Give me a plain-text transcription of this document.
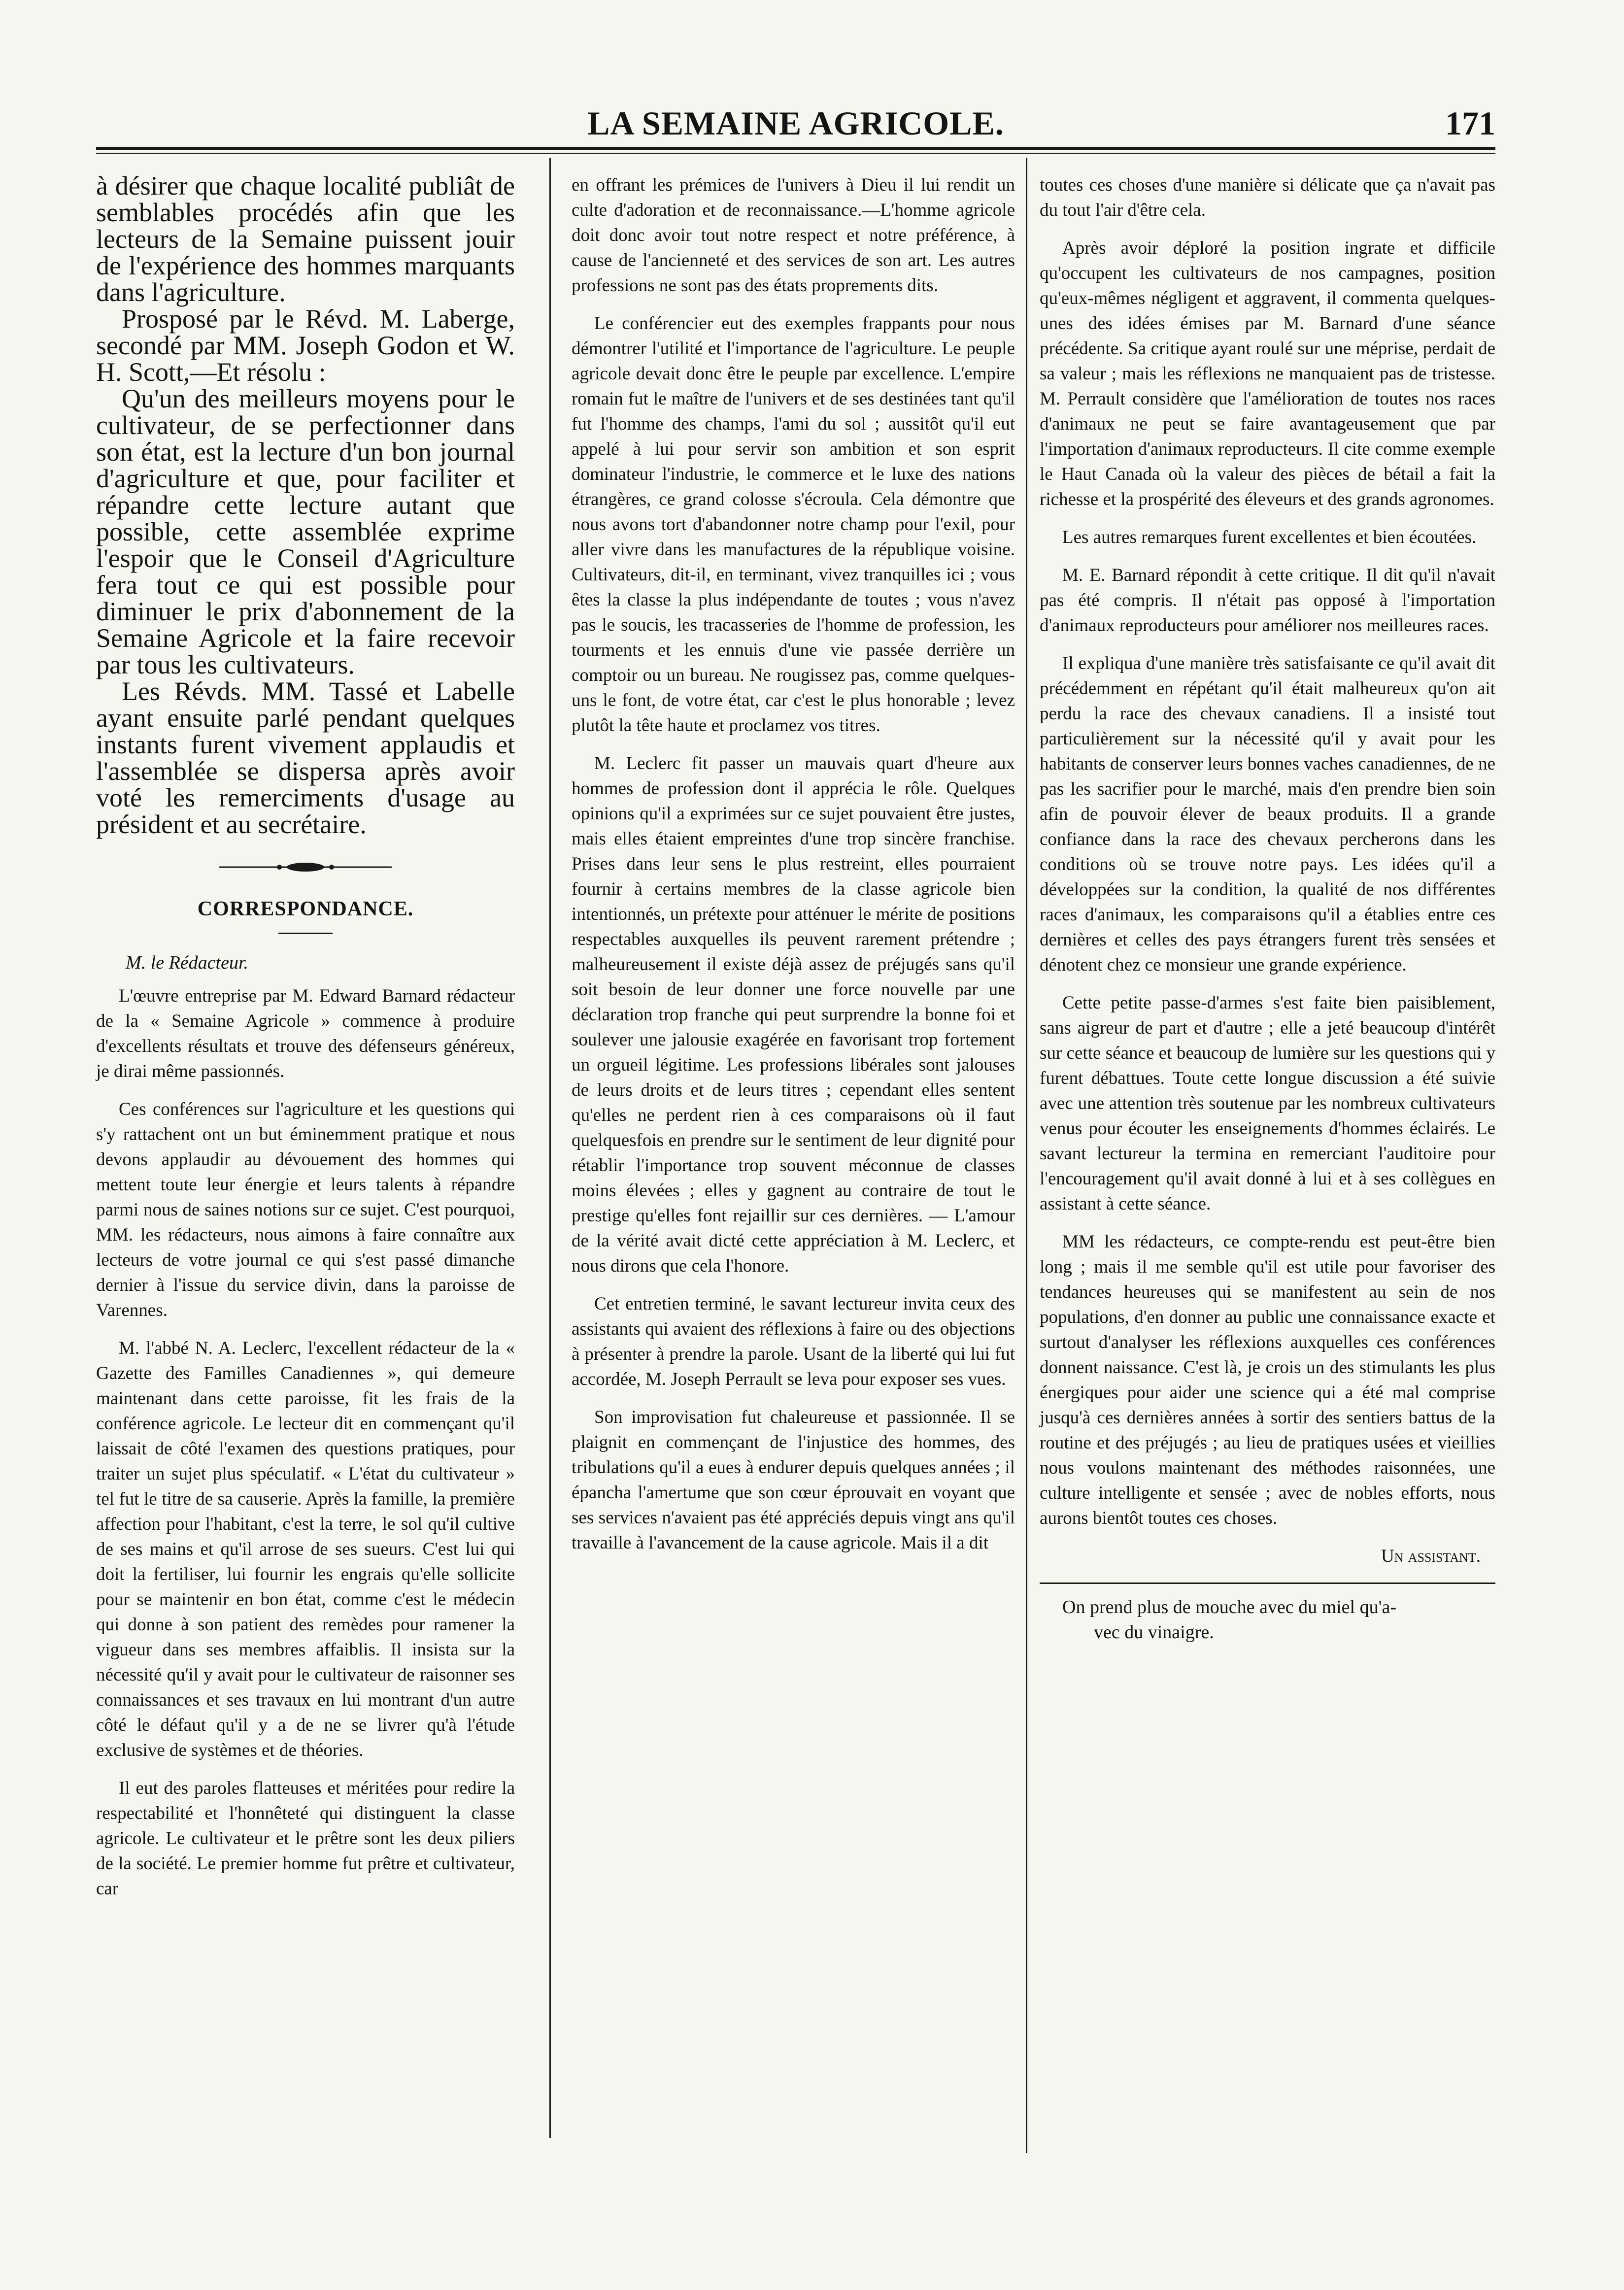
LA SEMAINE AGRICOLE.	171

à désirer que chaque localité publiât de semblables procédés afin que les lecteurs de la Semaine puissent jouir de l'expérience des hommes marquants dans l'agriculture.

Prosposé par le Révd. M. Laberge, secondé par MM. Joseph Godon et W. H. Scott,—Et résolu :

Qu'un des meilleurs moyens pour le cultivateur, de se perfectionner dans son état, est la lecture d'un bon journal d'agriculture et que, pour faciliter et répandre cette lecture autant que possible, cette assemblée exprime l'espoir que le Conseil d'Agriculture fera tout ce qui est possible pour diminuer le prix d'abonnement de la Semaine Agricole et la faire recevoir par tous les cultivateurs.

Les Révds. MM. Tassé et Labelle ayant ensuite parlé pendant quelques instants furent vivement applaudis et l'assemblée se dispersa après avoir voté les remerciments d'usage au président et au secrétaire.

CORRESPONDANCE.
M. le Rédacteur.

L'œuvre entreprise par M. Edward Barnard rédacteur de la « Semaine Agricole » commence à produire d'excellents résultats et trouve des défenseurs généreux, je dirai même passionnés.

Ces conférences sur l'agriculture et les questions qui s'y rattachent ont un but éminemment pratique et nous devons applaudir au dévouement des hommes qui mettent toute leur énergie et leurs talents à répandre parmi nous de saines notions sur ce sujet. C'est pourquoi, MM. les rédacteurs, nous aimons à faire connaître aux lecteurs de votre journal ce qui s'est passé dimanche dernier à l'issue du service divin, dans la paroisse de Varennes.

M. l'abbé N. A. Leclerc, l'excellent rédacteur de la « Gazette des Familles Canadiennes », qui demeure maintenant dans cette paroisse, fit les frais de la conférence agricole. Le lecteur dit en commençant qu'il laissait de côté l'examen des questions pratiques, pour traiter un sujet plus spéculatif. « L'état du cultivateur » tel fut le titre de sa causerie. Après la famille, la première affection pour l'habitant, c'est la terre, le sol qu'il cultive de ses mains et qu'il arrose de ses sueurs. C'est lui qui doit la fertiliser, lui fournir les engrais qu'elle sollicite pour se maintenir en bon état, comme c'est le médecin qui donne à son patient des remèdes pour ramener la vigueur dans ses membres affaiblis. Il insista sur la nécessité qu'il y avait pour le cultivateur de raisonner ses connaissances et ses travaux en lui montrant d'un autre côté le défaut qu'il y a de ne se livrer qu'à l'étude exclusive de systèmes et de théories.

Il eut des paroles flatteuses et méritées pour redire la respectabilité et l'honnêteté qui distinguent la classe agricole. Le cultivateur et le prêtre sont les deux piliers de la société. Le premier homme fut prêtre et cultivateur, car

en offrant les prémices de l'univers à Dieu il lui rendit un culte d'adoration et de reconnaissance.—L'homme agricole doit donc avoir tout notre respect et notre préférence, à cause de l'ancienneté et des services de son art. Les autres professions ne sont pas des états proprements dits.

Le conférencier eut des exemples frappants pour nous démontrer l'utilité et l'importance de l'agriculture. Le peuple agricole devait donc être le peuple par excellence. L'empire romain fut le maître de l'univers et de ses destinées tant qu'il fut l'homme des champs, l'ami du sol ; aussitôt qu'il eut appelé à lui pour servir son ambition et son esprit dominateur l'industrie, le commerce et le luxe des nations étrangères, ce grand colosse s'écroula. Cela démontre que nous avons tort d'abandonner notre champ pour l'exil, pour aller vivre dans les manufactures de la république voisine. Cultivateurs, dit-il, en terminant, vivez tranquilles ici ; vous êtes la classe la plus indépendante de toutes ; vous n'avez pas le soucis, les tracasseries de l'homme de profession, les tourments et les ennuis d'une vie passée derrière un comptoir ou un bureau. Ne rougissez pas, comme quelques-uns le font, de votre état, car c'est le plus honorable ; levez plutôt la tête haute et proclamez vos titres.

M. Leclerc fit passer un mauvais quart d'heure aux hommes de profession dont il apprécia le rôle. Quelques opinions qu'il a exprimées sur ce sujet pouvaient être justes, mais elles étaient empreintes d'une trop sincère franchise. Prises dans leur sens le plus restreint, elles pourraient fournir à certains membres de la classe agricole bien intentionnés, un prétexte pour atténuer le mérite de positions respectables auxquelles ils peuvent rarement prétendre ; malheureusement il existe déjà assez de préjugés sans qu'il soit besoin de leur donner une force nouvelle par une déclaration trop franche qui peut surprendre la bonne foi et soulever une jalousie exagérée en favorisant trop fortement un orgueil légitime. Les professions libérales sont jalouses de leurs droits et de leurs titres ; cependant elles sentent qu'elles ne perdent rien à ces comparaisons où il faut quelquesfois en prendre sur le sentiment de leur dignité pour rétablir l'importance trop souvent méconnue de classes moins élevées ; elles y gagnent au contraire de tout le prestige qu'elles font rejaillir sur ces dernières. — L'amour de la vérité avait dicté cette appréciation à M. Leclerc, et nous dirons que cela l'honore.

Cet entretien terminé, le savant lectureur invita ceux des assistants qui avaient des réflexions à faire ou des objections à présenter à prendre la parole. Usant de la liberté qui lui fut accordée, M. Joseph Perrault se leva pour exposer ses vues.

Son improvisation fut chaleureuse et passionnée. Il se plaignit en commençant de l'injustice des hommes, des tribulations qu'il a eues à endurer depuis quelques années ; il épancha l'amertume que son cœur éprouvait en voyant que ses services n'avaient pas été appréciés depuis vingt ans qu'il travaille à l'avancement de la cause agricole. Mais il a dit

toutes ces choses d'une manière si délicate que ça n'avait pas du tout l'air d'être cela.

Après avoir déploré la position ingrate et difficile qu'occupent les cultivateurs de nos campagnes, position qu'eux-mêmes négligent et aggravent, il commenta quelques-unes des idées émises par M. Barnard d'une séance précédente. Sa critique ayant roulé sur une méprise, perdait de sa valeur ; mais les réflexions ne manquaient pas de tristesse. M. Perrault considère que l'amélioration de toutes nos races d'animaux ne peut se faire avantageusement que par l'importation d'animaux reproducteurs. Il cite comme exemple le Haut Canada où la valeur des pièces de bétail a fait la richesse et la prospérité des éleveurs et des grands agronomes.

Les autres remarques furent excellentes et bien écoutées.

M. E. Barnard répondit à cette critique. Il dit qu'il n'avait pas été compris. Il n'était pas opposé à l'importation d'animaux reproducteurs pour améliorer nos meilleures races.

Il expliqua d'une manière très satisfaisante ce qu'il avait dit précédemment en répétant qu'il était malheureux qu'on ait perdu la race des chevaux canadiens. Il a insisté tout particulièrement sur la nécessité qu'il y avait pour les habitants de conserver leurs bonnes vaches canadiennes, de ne pas les sacrifier pour le marché, mais d'en prendre bien soin afin de pouvoir élever de beaux produits. Il a grande confiance dans la race des chevaux percherons dans les conditions où se trouve notre pays. Les idées qu'il a développées sur la condition, la qualité de nos différentes races d'animaux, les comparaisons qu'il a établies entre ces dernières et celles des pays étrangers furent très sensées et dénotent chez ce monsieur une grande expérience.

Cette petite passe-d'armes s'est faite bien paisiblement, sans aigreur de part et d'autre ; elle a jeté beaucoup d'intérêt sur cette séance et beaucoup de lumière sur les questions qui y furent débattues. Toute cette longue discussion a été suivie avec une attention très soutenue par les nombreux cultivateurs venus pour écouter les enseignements d'hommes éclairés. Le savant lectureur la termina en remerciant l'auditoire pour l'encouragement qu'il avait donné à lui et à ses collègues en assistant à cette séance.

MM les rédacteurs, ce compte-rendu est peut-être bien long ; mais il me semble qu'il est utile pour favoriser des tendances heureuses qui se manifestent au sein de nos populations, d'en donner au public une connaissance exacte et surtout d'analyser les réflexions auxquelles ces conférences donnent naissance. C'est là, je crois un des stimulants les plus énergiques pour aider une science qui a été mal comprise jusqu'à ces dernières années à sortir des sentiers battus de la routine et des préjugés ; au lieu de pratiques usées et vieillies nous voulons maintenant des méthodes raisonnées, une culture intelligente et sensée ; avec de nobles efforts, nous aurons bientôt toutes ces choses.

Un assistant.

On prend plus de mouche avec du miel qu'a-
vec du vinaigre.
